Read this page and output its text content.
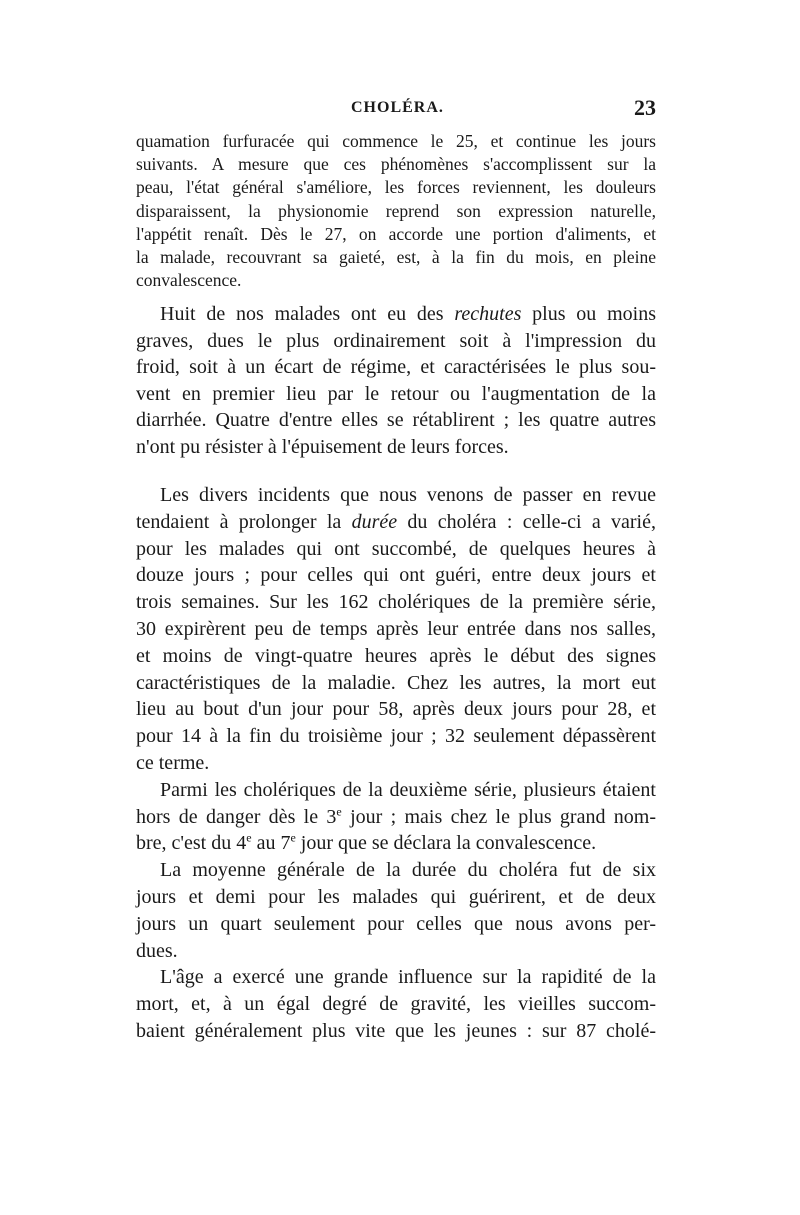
CHOLÉRA.	23
quamation furfuracée qui commence le 25, et continue les jours
suivants. A mesure que ces phénomènes s'accomplissent sur la
peau, l'état général s'améliore, les forces reviennent, les douleurs
disparaissent, la physionomie reprend son expression naturelle,
l'appétit renaît. Dès le 27, on accorde une portion d'aliments, et
la malade, recouvrant sa gaieté, est, à la fin du mois, en pleine
convalescence.
Huit de nos malades ont eu des rechutes plus ou moins
graves, dues le plus ordinairement soit à l'impression du
froid, soit à un écart de régime, et caractérisées le plus sou-
vent en premier lieu par le retour ou l'augmentation de la
diarrhée. Quatre d'entre elles se rétablirent ; les quatre autres
n'ont pu résister à l'épuisement de leurs forces.
Les divers incidents que nous venons de passer en revue
tendaient à prolonger la durée du choléra : celle-ci a varié,
pour les malades qui ont succombé, de quelques heures à
douze jours ; pour celles qui ont guéri, entre deux jours et
trois semaines. Sur les 162 cholériques de la première série,
30 expirèrent peu de temps après leur entrée dans nos salles,
et moins de vingt-quatre heures après le début des signes
caractéristiques de la maladie. Chez les autres, la mort eut
lieu au bout d'un jour pour 58, après deux jours pour 28, et
pour 14 à la fin du troisième jour ; 32 seulement dépassèrent
ce terme.
Parmi les cholériques de la deuxième série, plusieurs étaient
hors de danger dès le 3e jour ; mais chez le plus grand nom-
bre, c'est du 4e au 7e jour que se déclara la convalescence.
La moyenne générale de la durée du choléra fut de six
jours et demi pour les malades qui guérirent, et de deux
jours un quart seulement pour celles que nous avons per-
dues.
L'âge a exercé une grande influence sur la rapidité de la
mort, et, à un égal degré de gravité, les vieilles succom-
baient généralement plus vite que les jeunes : sur 87 cholé-
